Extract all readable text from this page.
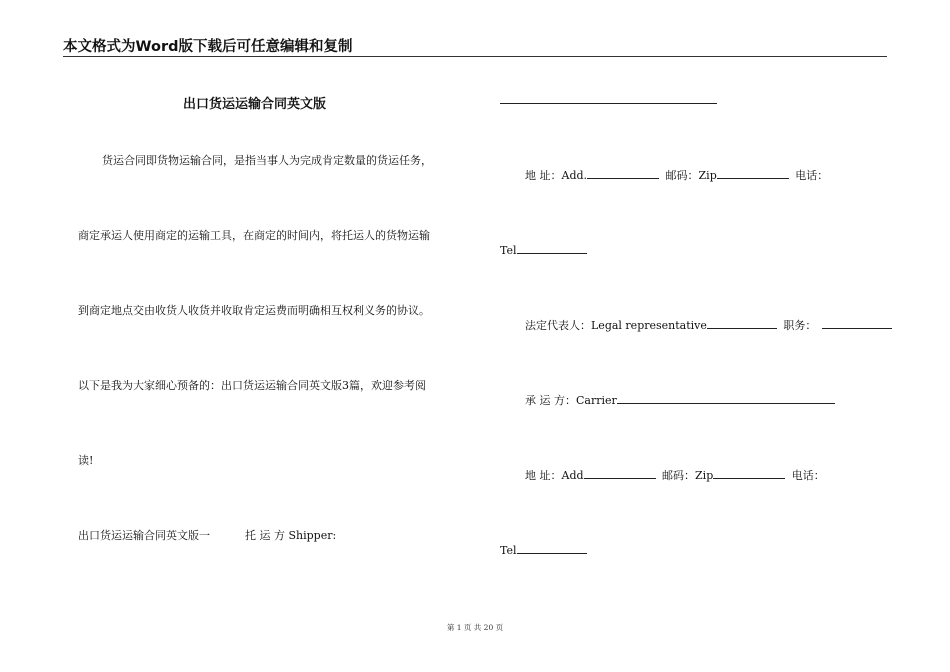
本文格式为Word版下载后可任意编辑和复制
出口货运运输合同英文版
货运合同即货物运输合同，是指当事人为完成肯定数量的货运任务，
商定承运人使用商定的运输工具，在商定的时间内，将托运人的货物运输
到商定地点交由收货人收货并收取肯定运费而明确相互权利义务的协议。
以下是我为大家细心预备的：出口货运运输合同英文版3篇，欢迎参考阅
读!
出口货运运输合同英文版一	托 运 方 Shipper:
地 址：Add.	邮码：Zip	电话：
Tel
法定代表人：Legal representative	职务：
承 运 方：Carrier
地 址：Add	邮码：Zip	电话：
Tel
第 1 页 共 20 页
